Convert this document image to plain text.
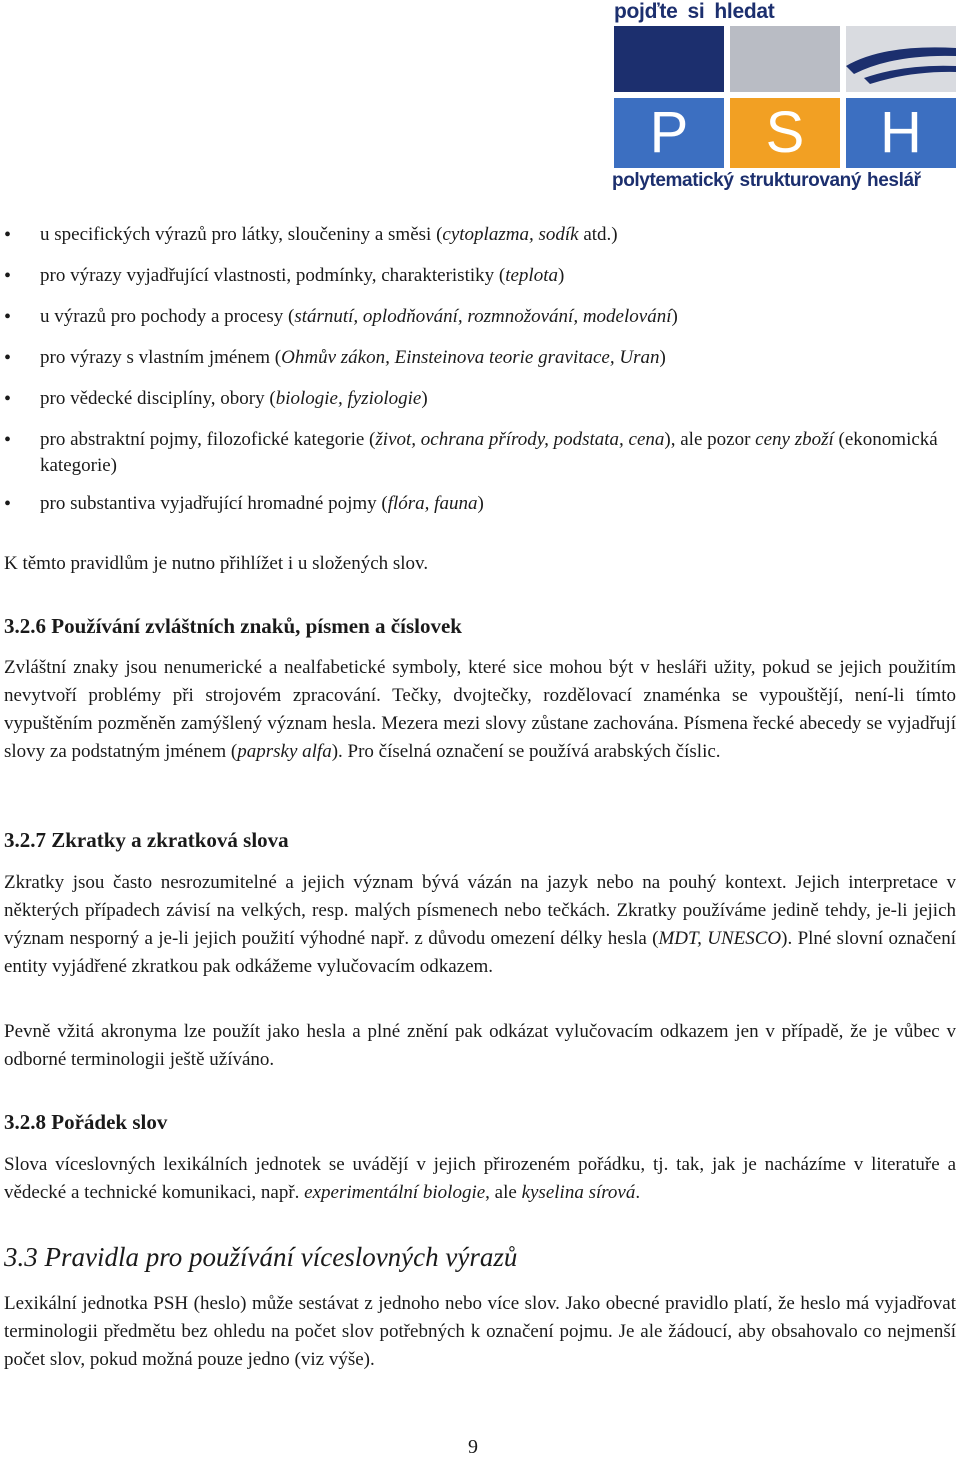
pojďte si hledat
P S H
polytematický strukturovaný heslář
• u specifických výrazů pro látky, sloučeniny a směsi (cytoplazma, sodík atd.)
• pro výrazy vyjadřující vlastnosti, podmínky, charakteristiky (teplota)
• u výrazů pro pochody a procesy (stárnutí, oplodňování, rozmnožování, modelování)
• pro výrazy s vlastním jménem (Ohmův zákon, Einsteinova teorie gravitace, Uran)
• pro vědecké disciplíny, obory (biologie, fyziologie)
• pro abstraktní pojmy, filozofické kategorie (život, ochrana přírody, podstata, cena), ale pozor ceny zboží (ekonomická kategorie)
• pro substantiva vyjadřující hromadné pojmy (flóra, fauna)

K těmto pravidlům je nutno přihlížet i u složených slov.

3.2.6 Používání zvláštních znaků, písmen a číslovek

Zvláštní znaky jsou nenumerické a nealfabetické symboly, které sice mohou být v hesláři užity, pokud se jejich použitím nevytvoří problémy při strojovém zpracování. Tečky, dvojtečky, rozdělovací znaménka se vypouštějí, není-li tímto vypuštěním pozměněn zamýšlený význam hesla. Mezera mezi slovy zůstane zachována. Písmena řecké abecedy se vyjadřují slovy za podstatným jménem (paprsky alfa). Pro číselná označení se používá arabských číslic.

3.2.7 Zkratky a zkratková slova

Zkratky jsou často nesrozumitelné a jejich význam bývá vázán na jazyk nebo na pouhý kontext. Jejich interpretace v některých případech závisí na velkých, resp. malých písmenech nebo tečkách. Zkratky používáme jedině tehdy, je-li jejich význam nesporný a je-li jejich použití výhodné např. z důvodu omezení délky hesla (MDT, UNESCO). Plné slovní označení entity vyjádřené zkratkou pak odkážeme vylučovacím odkazem.

Pevně vžitá akronyma lze použít jako hesla a plné znění pak odkázat vylučovacím odkazem jen v případě, že je vůbec v odborné terminologii ještě užíváno.

3.2.8 Pořádek slov

Slova víceslovných lexikálních jednotek se uvádějí v jejich přirozeném pořádku, tj. tak, jak je nacházíme v literatuře a vědecké a technické komunikaci, např. experimentální biologie, ale kyselina sírová.

3.3 Pravidla pro používání víceslovných výrazů

Lexikální jednotka PSH (heslo) může sestávat z jednoho nebo více slov. Jako obecné pravidlo platí, že heslo má vyjadřovat terminologii předmětu bez ohledu na počet slov potřebných k označení pojmu. Je ale žádoucí, aby obsahovalo co nejmenší počet slov, pokud možná pouze jedno (viz výše).

9
